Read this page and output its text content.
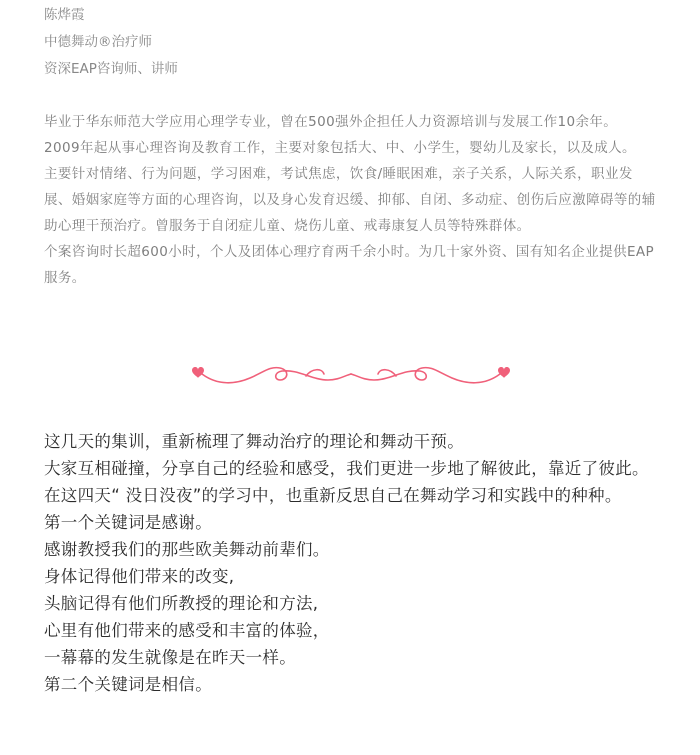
陈烨霞
中德舞动®治疗师
资深EAP咨询师、讲师

毕业于华东师范大学应用心理学专业，曾在500强外企担任人力资源培训与发展工作10余年。

2009年起从事心理咨询及教育工作，主要对象包括大、中、小学生，婴幼儿及家长，以及成人。

主要针对情绪、行为问题，学习困难，考试焦虑，饮食/睡眠困难，亲子关系，人际关系，职业发展、婚姻家庭等方面的心理咨询，以及身心发育迟缓、抑郁、自闭、多动症、创伤后应激障碍等的辅助心理干预治疗。曾服务于自闭症儿童、烧伤儿童、戒毒康复人员等特殊群体。

个案咨询时长超600小时，个人及团体心理疗育两千余小时。为几十家外资、国有知名企业提供EAP服务。

这几天的集训，重新梳理了舞动治疗的理论和舞动干预。

大家互相碰撞，分享自己的经验和感受，我们更进一步地了解彼此，靠近了彼此。

在这四天“ 没日没夜”的学习中，也重新反思自己在舞动学习和实践中的种种。

第一个关键词是感谢。

感谢教授我们的那些欧美舞动前辈们。

身体记得他们带来的改变,

头脑记得有他们所教授的理论和方法,

心里有他们带来的感受和丰富的体验，

一幕幕的发生就像是在昨天一样。

第二个关键词是相信。
